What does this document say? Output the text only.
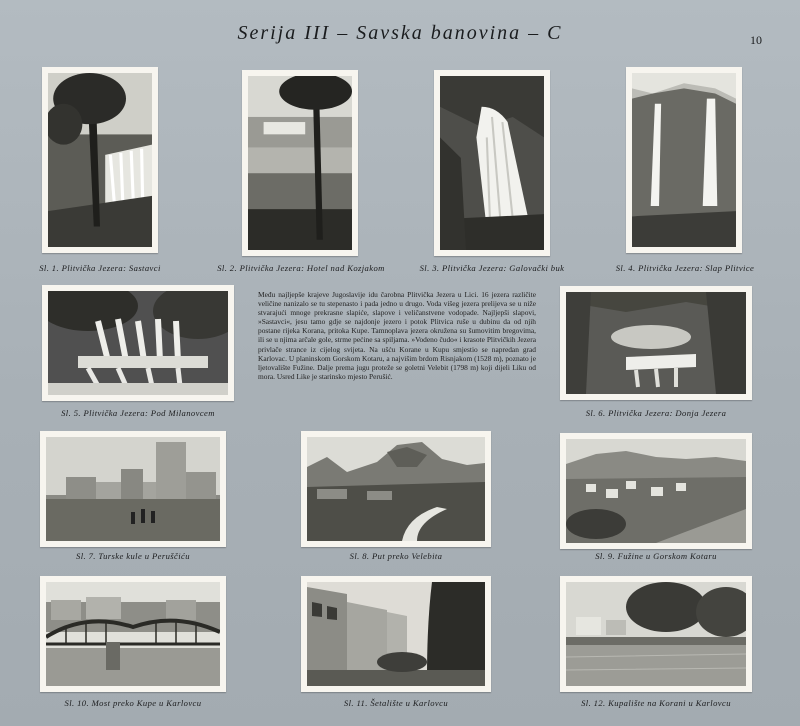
Serija III – Savska banovina – C	10
Sl. 1. Plitvička Jezera: Sastavci	Sl. 2. Plitvička Jezera: Hotel nad Kozjakom	Sl. 3. Plitvička Jezera: Galovački buk	Sl. 4. Plitvička Jezera: Slap Plitvice
Sl. 5. Plitvička Jezera: Pod Milanovcem
Među najljepše krajeve Jugoslavije idu čarobna Plitvička Jezera u Lici. 16 jezera različite veličine nanizalo se tu stepenasto i pada jedno u drugo. Voda višeg jezera prelijeva se u niže stvarajući mnoge prekrasne slapiće, slapove i veličanstvene vodopade. Najljepši slapovi, »Sastavci«, jesu tamo gdje se najdonje jezero i potok Plitvica ruše u dubinu da od njih postane rijeka Korana, pritoka Kupe. Tamnoplava jezera okružena su šumovitim bregovima, ili se u njima arčale gole, strme pećine sa spiljama. »Vodeno čudo« i krasote Plitvičkih Jezera privlače strance iz cijelog svijeta. Na ušću Korane u Kupu smjestio se napredan grad Karlovac. U planinskom Gorskom Kotaru, a najvišim brdom Risnjakom (1528 m), poznato je ljetovalište Fužine. Dalje prema jugu proteže se goletni Velebit (1798 m) koji dijeli Liku od mora. Usred Like je starinsko mjesto Perušić.
Sl. 6. Plitvička Jezera: Donja Jezera
Sl. 7. Turske kule u Peruščiću	Sl. 8. Put preko Velebita	Sl. 9. Fužine u Gorskom Kotaru
Sl. 10. Most preko Kupe u Karlovcu	Sl. 11. Šetalište u Karlovcu	Sl. 12. Kupalište na Korani u Karlovcu
